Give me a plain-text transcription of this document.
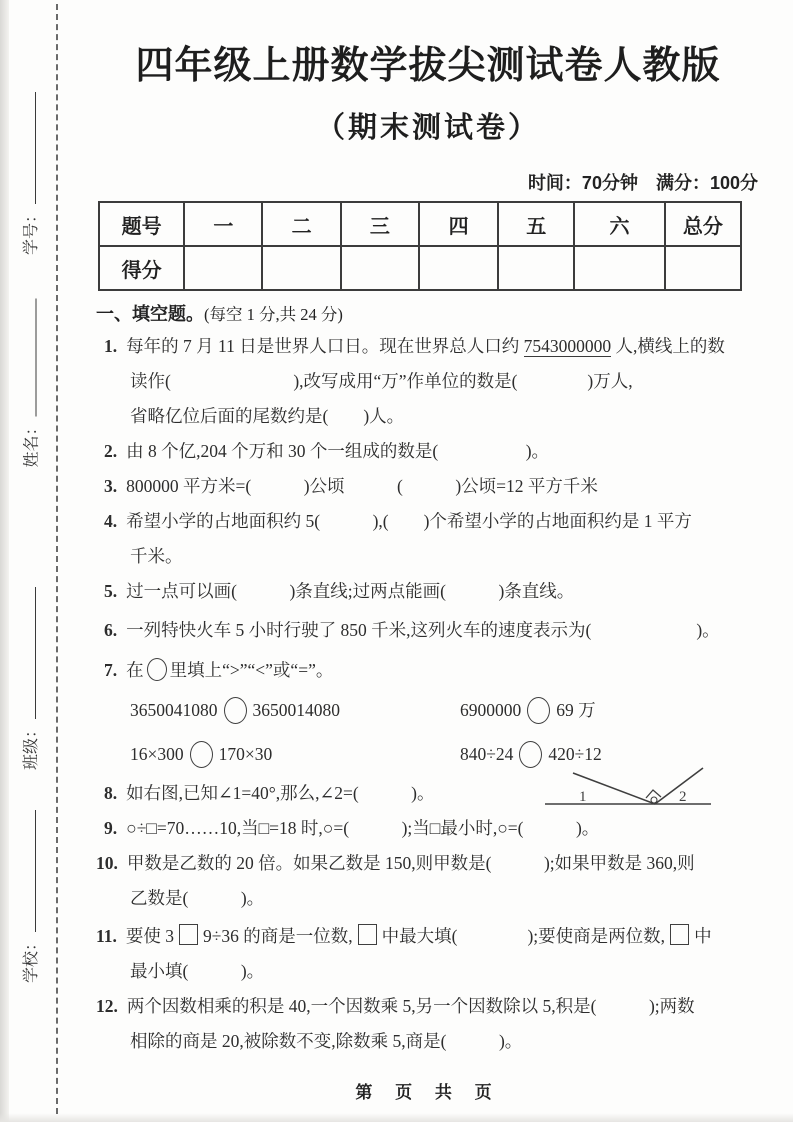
学号：
姓名：
班级：
学校：
四年级上册数学拔尖测试卷人教版
（期末测试卷）
时间：70分钟　满分：100分
题号	一	二	三	四	五	六	总分
得分							
一、填空题。(每空 1 分,共 24 分)
1. 每年的 7 月 11 日是世界人口日。现在世界总人口约 7543000000 人,横线上的数
读作(　　　　　　　),改写成用“万”作单位的数是(　　　　)万人,
省略亿位后面的尾数约是(　　)人。
2. 由 8 个亿,204 个万和 30 个一组成的数是(　　　　　)。
3. 800000 平方米=(　　　)公顷　　　(　　　)公顷=12 平方千米
4. 希望小学的占地面积约 5(　　　),(　　)个希望小学的占地面积约是 1 平方
千米。
5. 过一点可以画(　　　)条直线;过两点能画(　　　)条直线。
6. 一列特快火车 5 小时行驶了 850 千米,这列火车的速度表示为(　　　　　　)。
7. 在 里填上“>”“<”或“=”。
3650041080 3650014080	6900000 69 万
16×300 170×30	840÷24 420÷12
8. 如右图,已知∠1=40°,那么,∠2=(　　　)。	1	2
9. ○÷□=70……10,当□=18 时,○=(　　　);当□最小时,○=(　　　)。
10. 甲数是乙数的 20 倍。如果乙数是 150,则甲数是(　　　);如果甲数是 360,则
乙数是(　　　)。
11. 要使 3 9÷36 的商是一位数, 中最大填(　　　　);要使商是两位数, 中
最小填(　　　)。
12. 两个因数相乘的积是 40,一个因数乘 5,另一个因数除以 5,积是(　　　);两数
相除的商是 20,被除数不变,除数乘 5,商是(　　　)。
第 页 共 页
